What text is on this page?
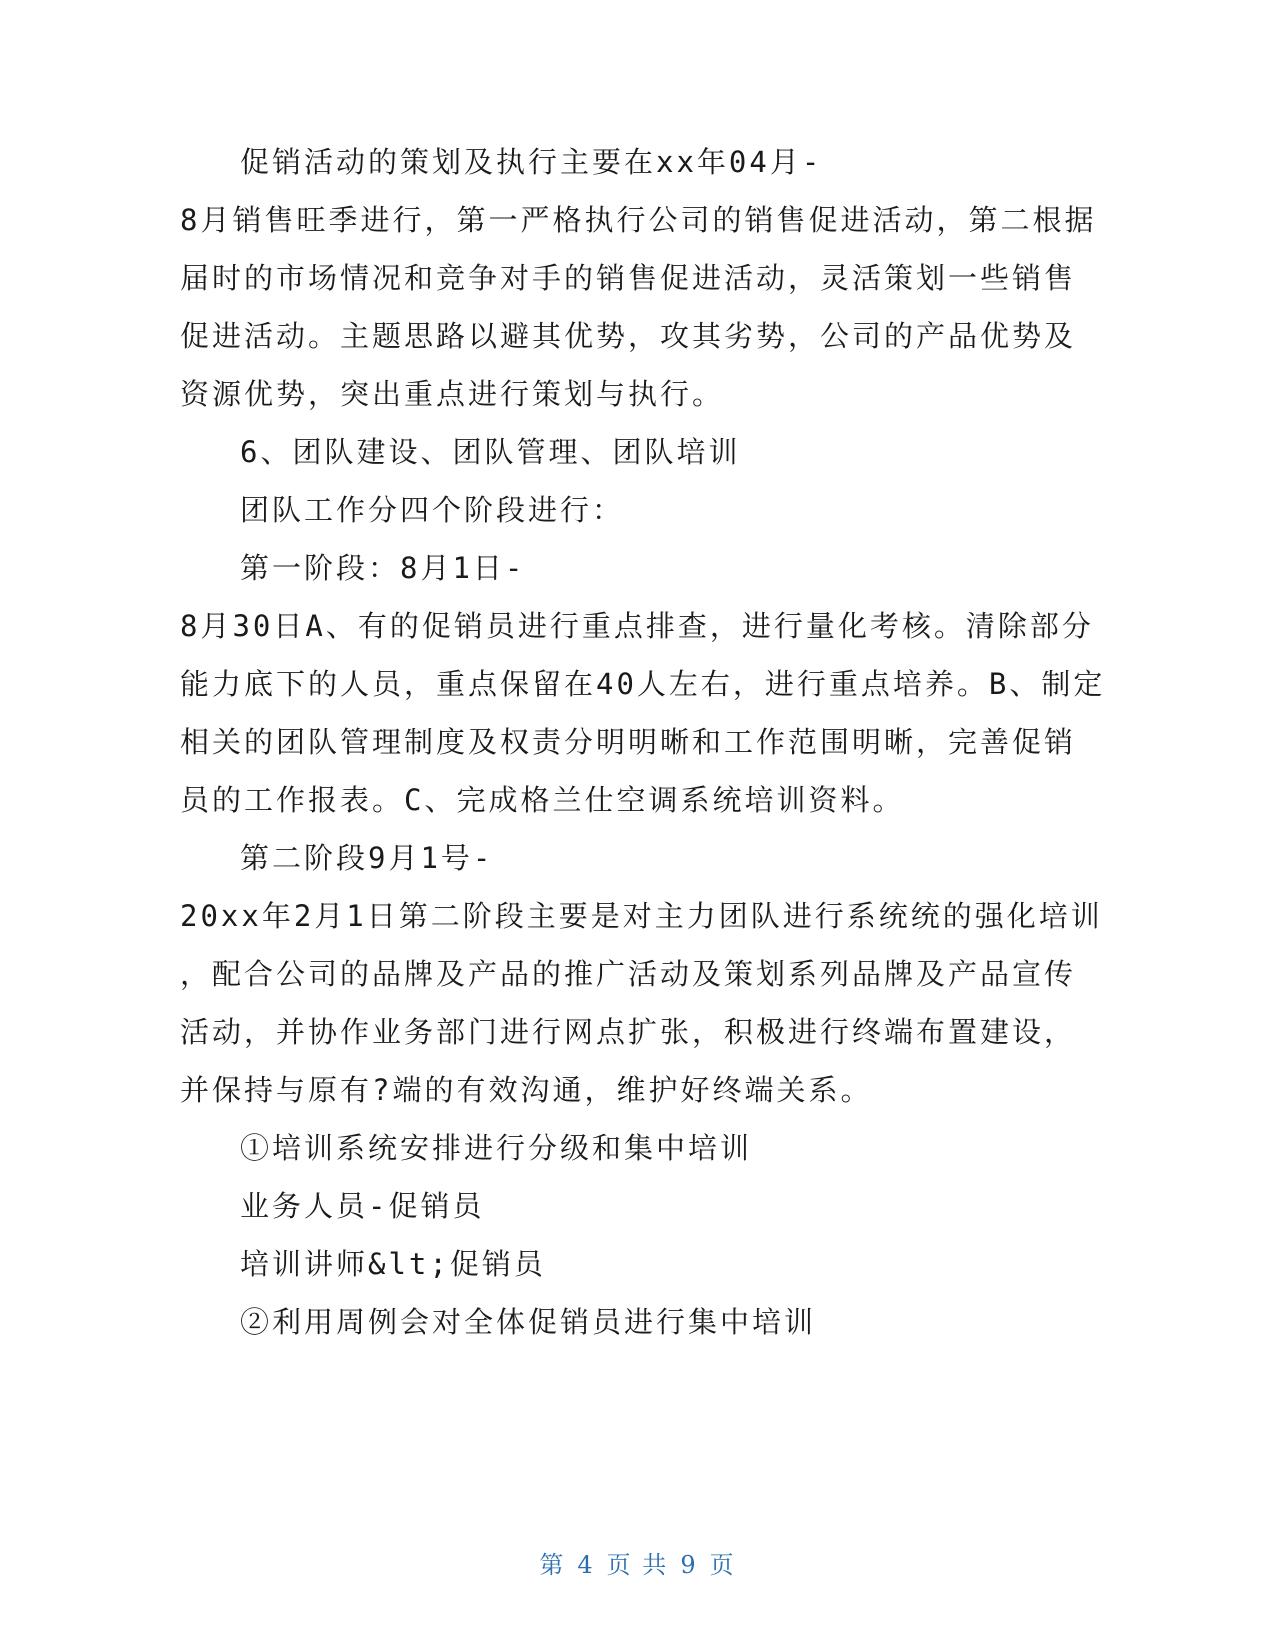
促销活动的策划及执行主要在xx年04月-
8月销售旺季进行，第一严格执行公司的销售促进活动，第二根据
届时的市场情况和竞争对手的销售促进活动，灵活策划一些销售
促进活动。主题思路以避其优势，攻其劣势，公司的产品优势及
资源优势，突出重点进行策划与执行。
6、团队建设、团队管理、团队培训
团队工作分四个阶段进行：
第一阶段：8月1日-
8月30日A、有的促销员进行重点排查，进行量化考核。清除部分
能力底下的人员，重点保留在40人左右，进行重点培养。B、制定
相关的团队管理制度及权责分明明晰和工作范围明晰，完善促销
员的工作报表。C、完成格兰仕空调系统培训资料。
第二阶段9月1号-
20xx年2月1日第二阶段主要是对主力团队进行系统统的强化培训
，配合公司的品牌及产品的推广活动及策划系列品牌及产品宣传
活动，并协作业务部门进行网点扩张，积极进行终端布置建设，
并保持与原有?端的有效沟通，维护好终端关系。
①培训系统安排进行分级和集中培训
业务人员-促销员
培训讲师&lt;促销员
②利用周例会对全体促销员进行集中培训
第 4 页 共 9 页
